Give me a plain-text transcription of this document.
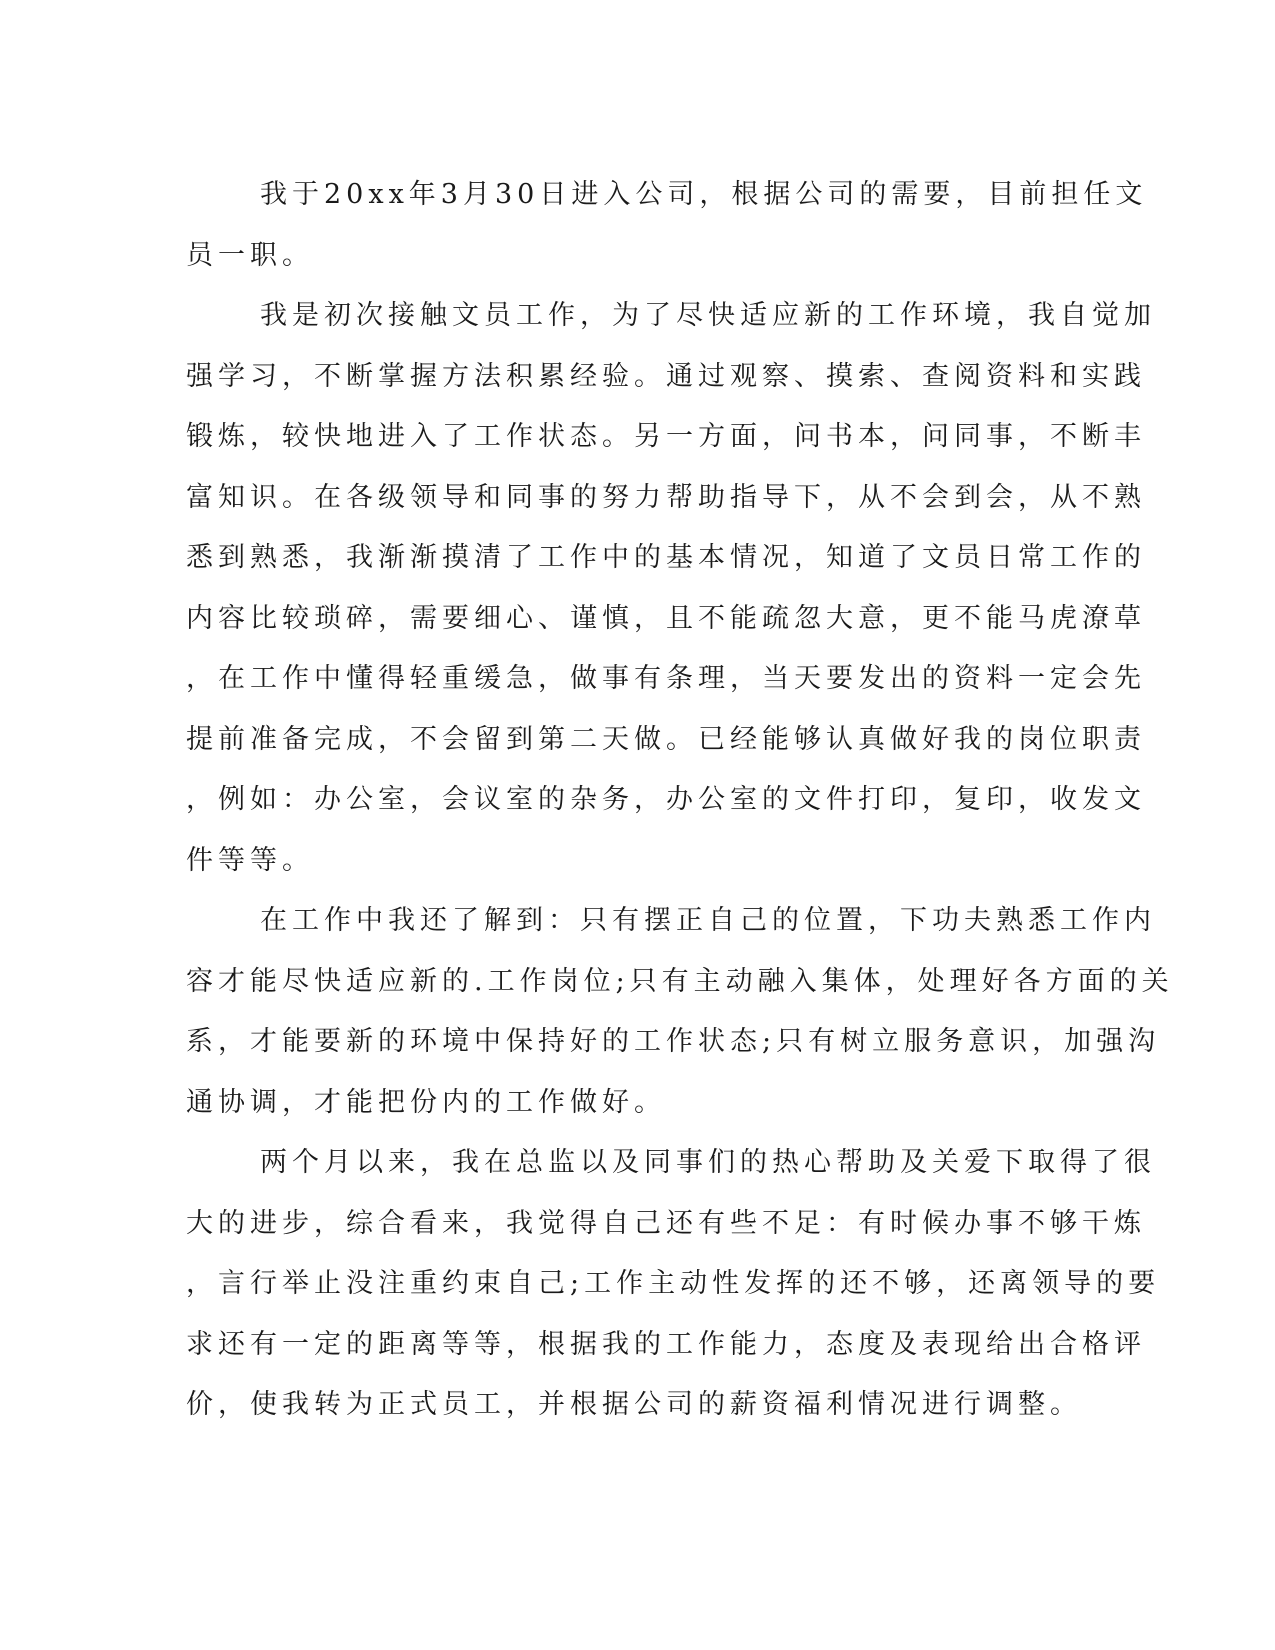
我于20xx年3月30日进入公司，根据公司的需要，目前担任文
员一职。
我是初次接触文员工作，为了尽快适应新的工作环境，我自觉加
强学习，不断掌握方法积累经验。通过观察、摸索、查阅资料和实践
锻炼，较快地进入了工作状态。另一方面，问书本，问同事，不断丰
富知识。在各级领导和同事的努力帮助指导下，从不会到会，从不熟
悉到熟悉，我渐渐摸清了工作中的基本情况，知道了文员日常工作的
内容比较琐碎，需要细心、谨慎，且不能疏忽大意，更不能马虎潦草
，在工作中懂得轻重缓急，做事有条理，当天要发出的资料一定会先
提前准备完成，不会留到第二天做。已经能够认真做好我的岗位职责
，例如：办公室，会议室的杂务，办公室的文件打印，复印，收发文
件等等。
在工作中我还了解到：只有摆正自己的位置，下功夫熟悉工作内
容才能尽快适应新的.工作岗位;只有主动融入集体，处理好各方面的关
系，才能要新的环境中保持好的工作状态;只有树立服务意识，加强沟
通协调，才能把份内的工作做好。
两个月以来，我在总监以及同事们的热心帮助及关爱下取得了很
大的进步，综合看来，我觉得自己还有些不足：有时候办事不够干炼
，言行举止没注重约束自己;工作主动性发挥的还不够，还离领导的要
求还有一定的距离等等，根据我的工作能力，态度及表现给出合格评
价，使我转为正式员工，并根据公司的薪资福利情况进行调整。
